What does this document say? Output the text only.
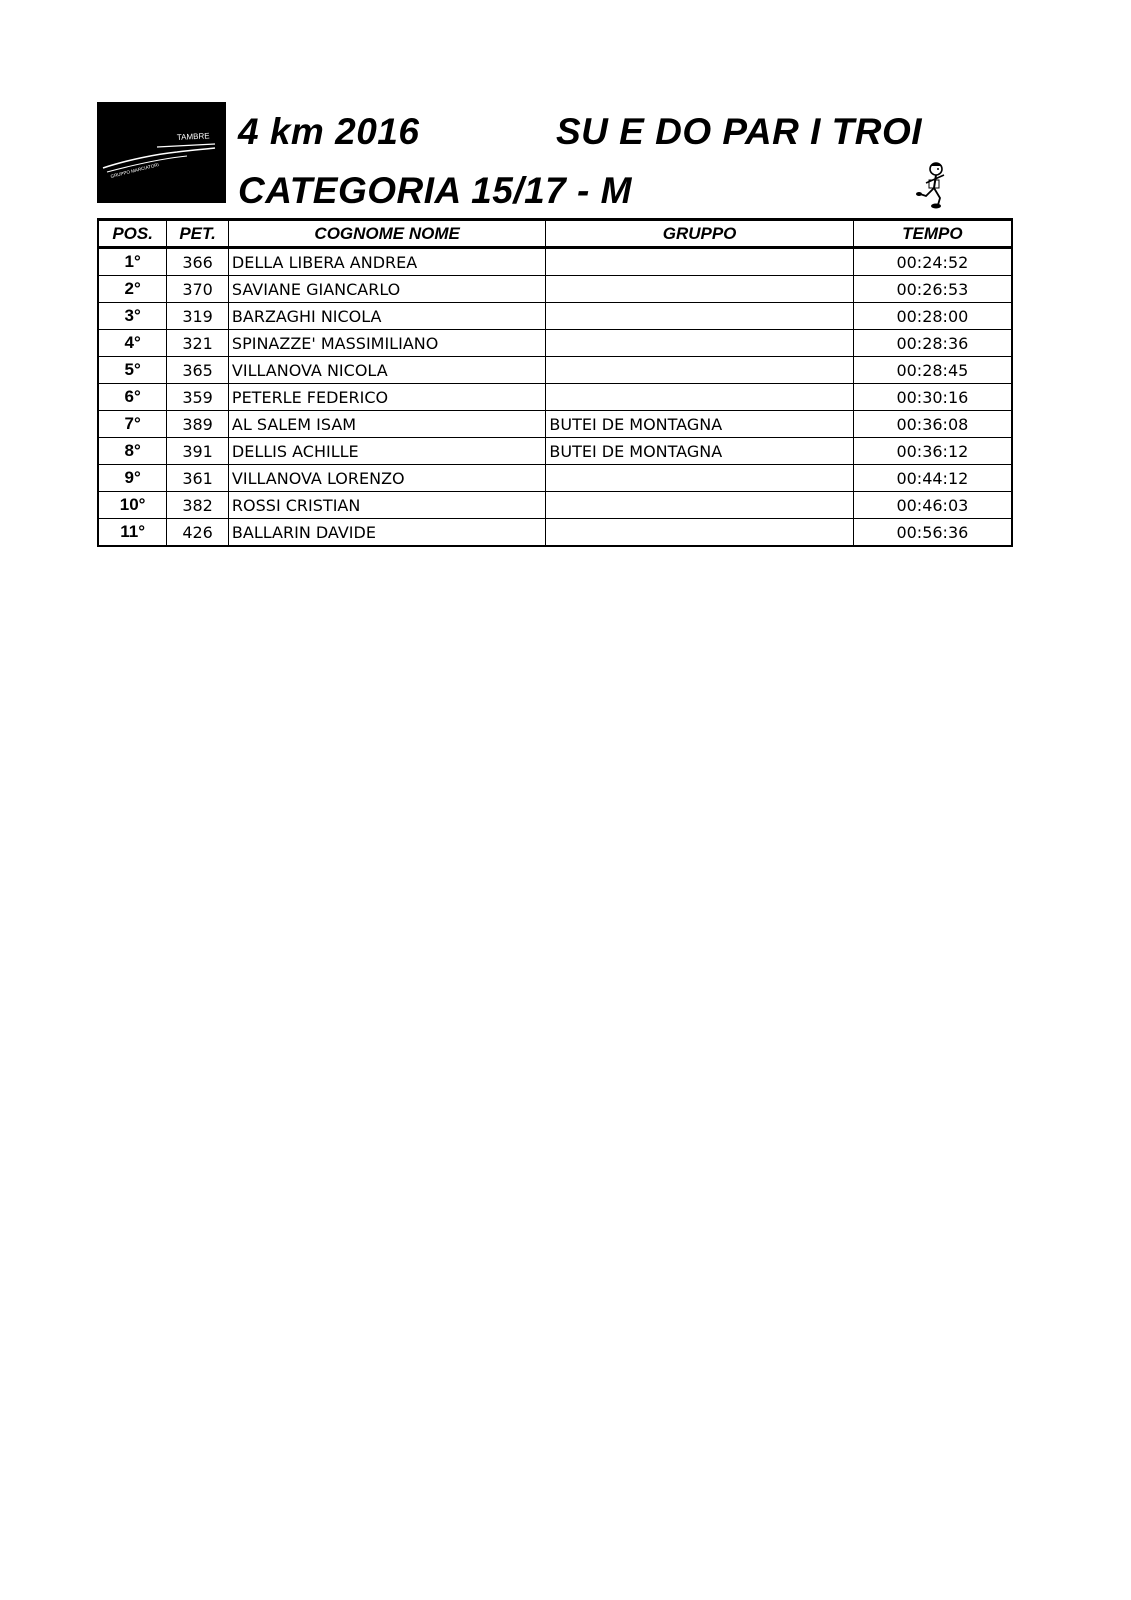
TAMBRE
GRUPPO MARCIATORI
4 km 2016	SU E DO PAR I TROI
CATEGORIA 15/17 - M
POS.	PET.	COGNOME NOME	GRUPPO	TEMPO
1°	366	DELLA LIBERA ANDREA		00:24:52
2°	370	SAVIANE GIANCARLO		00:26:53
3°	319	BARZAGHI NICOLA		00:28:00
4°	321	SPINAZZE' MASSIMILIANO		00:28:36
5°	365	VILLANOVA NICOLA		00:28:45
6°	359	PETERLE FEDERICO		00:30:16
7°	389	AL SALEM ISAM	BUTEI DE MONTAGNA	00:36:08
8°	391	DELLIS ACHILLE	BUTEI DE MONTAGNA	00:36:12
9°	361	VILLANOVA LORENZO		00:44:12
10°	382	ROSSI CRISTIAN		00:46:03
11°	426	BALLARIN DAVIDE		00:56:36
